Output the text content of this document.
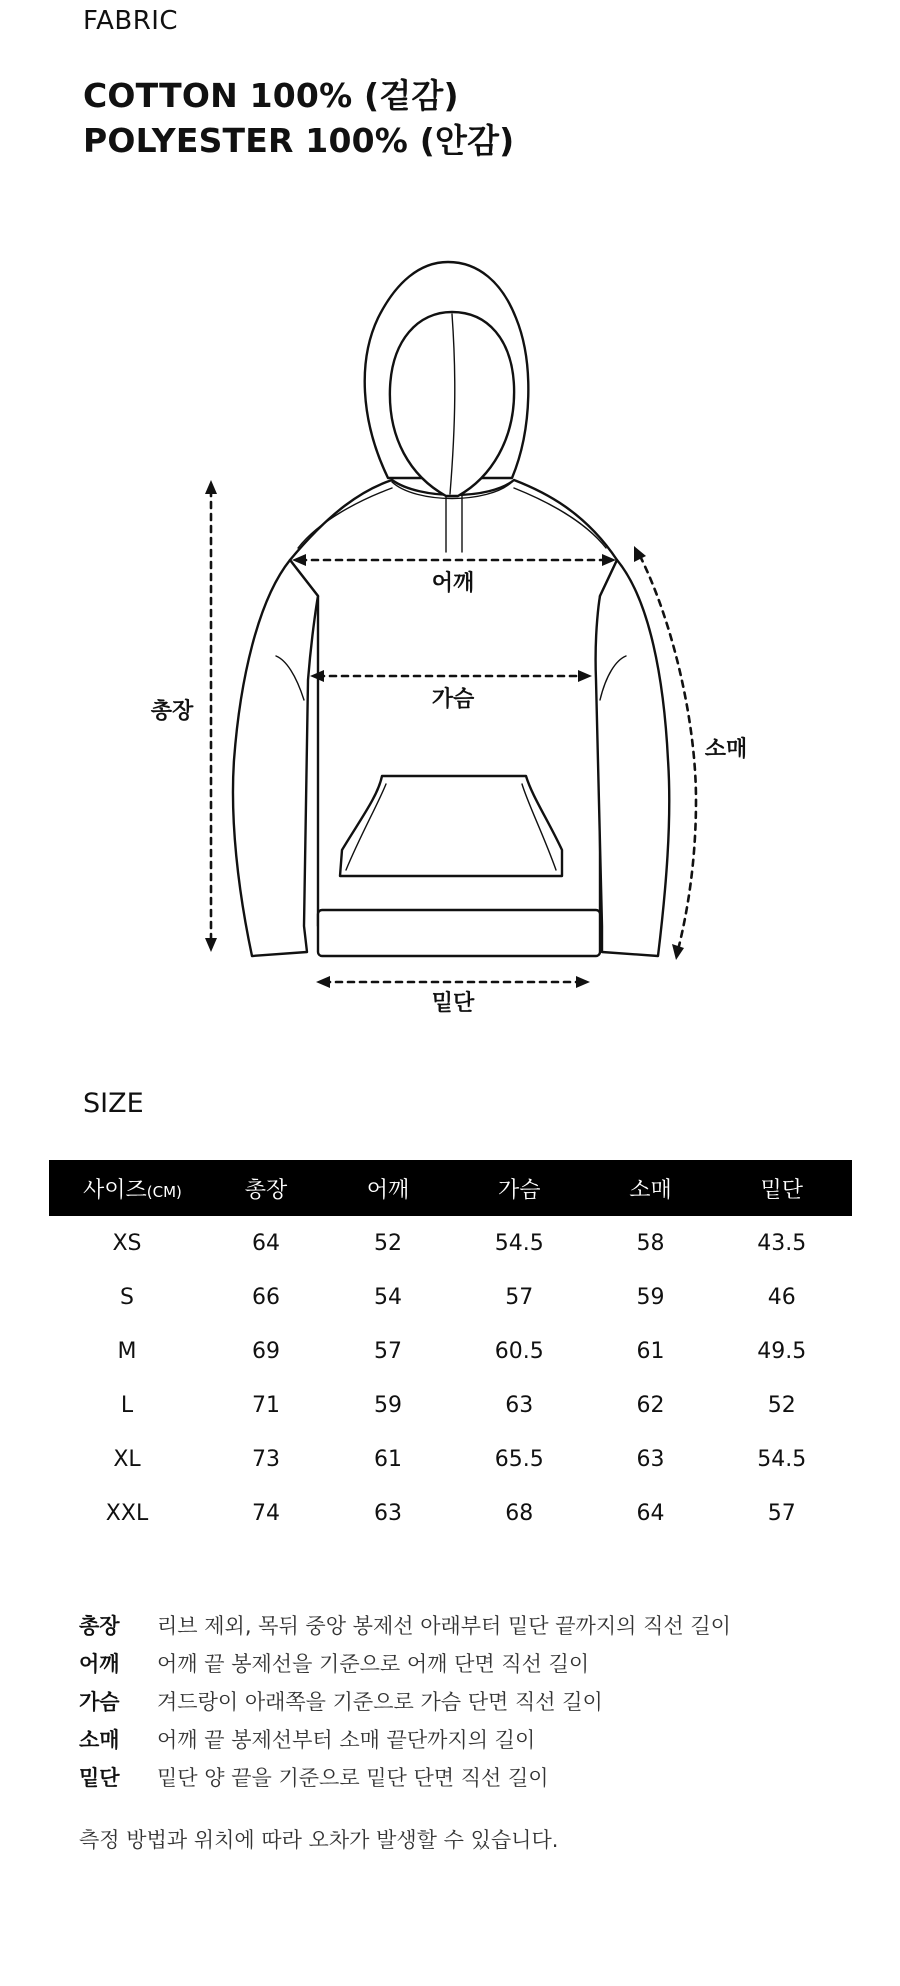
FABRIC
COTTON 100% (겉감)
POLYESTER 100% (안감)
총장
어깨
가슴
소매
밑단
SIZE
사이즈(CM)	총장	어깨	가슴	소매	밑단
XS	64	52	54.5	58	43.5
S	66	54	57	59	46
M	69	57	60.5	61	49.5
L	71	59	63	62	52
XL	73	61	65.5	63	54.5
XXL	74	63	68	64	57
총장	리브 제외, 목뒤 중앙 봉제선 아래부터 밑단 끝까지의 직선 길이
어깨	어깨 끝 봉제선을 기준으로 어깨 단면 직선 길이
가슴	겨드랑이 아래쪽을 기준으로 가슴 단면 직선 길이
소매	어깨 끝 봉제선부터 소매 끝단까지의 길이
밑단	밑단 양 끝을 기준으로 밑단 단면 직선 길이
측정 방법과 위치에 따라 오차가 발생할 수 있습니다.
